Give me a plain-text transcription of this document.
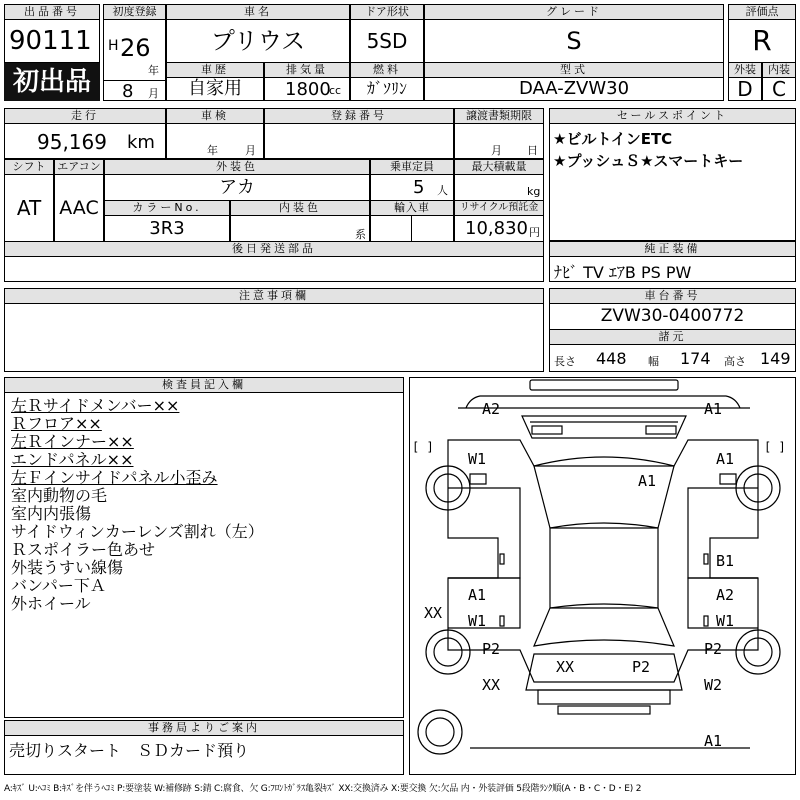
出品番号
90111
初出品
初度登録
H 26
年
8 月
車名
プリウス
ドア形状
5SD
グレード
S
評価点
R
車歴
自家用
排気量
1800
cc
燃料
ｶﾞｿﾘﾝ
型式
DAA-ZVW30
外装	内装
D C
走行
95,169 km
車検
年 月
登録番号	譲渡書類期限
月 日
セールスポイント
★ビルトインETC
★プッシュＳ★スマートキー
シフト
AT
エアコン
AAC
外装色
アカ
乗車定員
5 人
最大積載量
kg
カラーNo.
3R3
内装色
系
輸入車	リサイクル預託金
10,830 円
後日発送部品	純正装備
ﾅﾋﾞ TV ｴｱB PS PW
注意事項欄	車台番号
ZVW30-0400772
諸元
長さ 448 幅 174 高さ 149
検査員記入欄
左Ｒサイドメンバー××
Ｒフロア××
左Ｒインナー××
エンドパネル××
左Ｆインサイドパネル小歪み
室内動物の毛
室内内張傷
サイドウィンカーレンズ割れ（左）
Ｒスポイラー色あせ
外装うすい線傷
バンパー下Ａ
外ホイール
事務局よりご案内
売切りスタート　ＳＤカード預り
A2	A1
[ ]	[ ]
W1	A1
A1
B1
A1	A2
W1	W1
XX
P2	P2
XX	P2
XX	W2
A1
A:ｷｽﾞ U:ﾍｺﾐ B:ｷｽﾞを伴うﾍｺﾐ P:要塗装 W:補修跡 S:錆 C:腐食、欠 G:ﾌﾛﾝﾄｶﾞﾗｽ亀裂ｷｽﾞ XX:交換済み X:要交換 欠:欠品 内・外装評価 5段階ﾗﾝｸ順(A・B・C・D・E) 2
